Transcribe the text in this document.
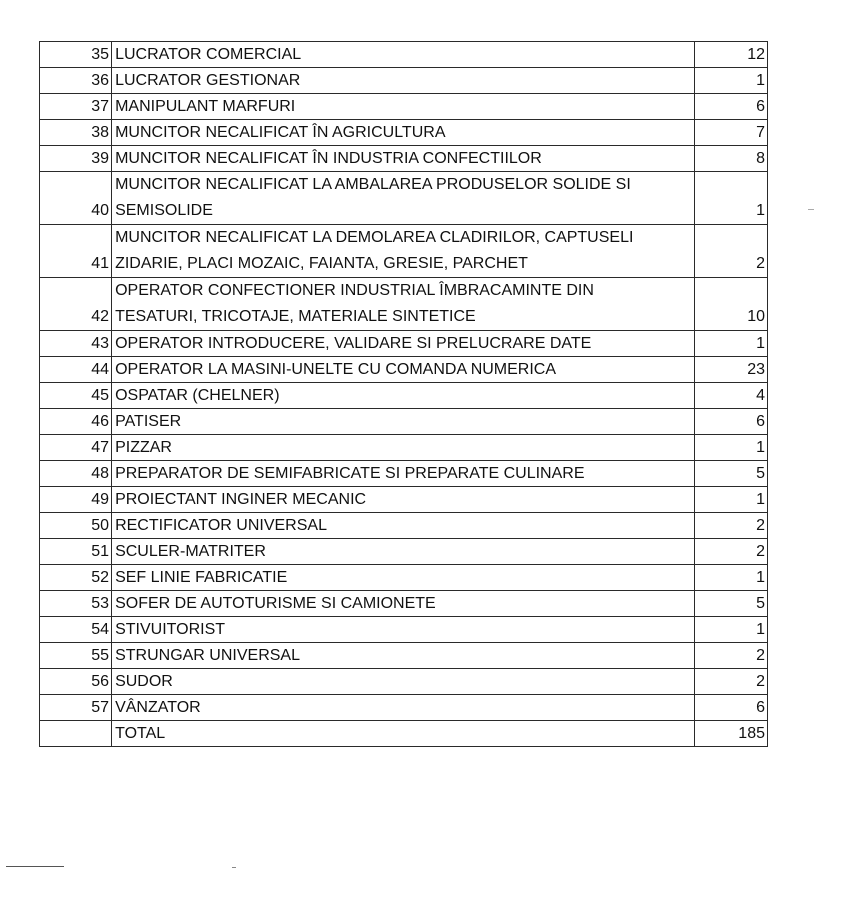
35	LUCRATOR COMERCIAL	12
36	LUCRATOR GESTIONAR	1
37	MANIPULANT MARFURI	6
38	MUNCITOR NECALIFICAT ÎN AGRICULTURA	7
39	MUNCITOR NECALIFICAT ÎN INDUSTRIA CONFECTIILOR	8
40	MUNCITOR NECALIFICAT LA AMBALAREA PRODUSELOR SOLIDE SI
SEMISOLIDE	1
41	MUNCITOR NECALIFICAT LA DEMOLAREA CLADIRILOR, CAPTUSELI
ZIDARIE, PLACI MOZAIC, FAIANTA, GRESIE, PARCHET	2
42	OPERATOR CONFECTIONER INDUSTRIAL ÎMBRACAMINTE DIN
TESATURI, TRICOTAJE, MATERIALE SINTETICE	10
43	OPERATOR INTRODUCERE, VALIDARE SI PRELUCRARE DATE	1
44	OPERATOR LA MASINI-UNELTE CU COMANDA NUMERICA	23
45	OSPATAR (CHELNER)	4
46	PATISER	6
47	PIZZAR	1
48	PREPARATOR DE SEMIFABRICATE SI PREPARATE CULINARE	5
49	PROIECTANT INGINER MECANIC	1
50	RECTIFICATOR UNIVERSAL	2
51	SCULER-MATRITER	2
52	SEF LINIE FABRICATIE	1
53	SOFER DE AUTOTURISME SI CAMIONETE	5
54	STIVUITORIST	1
55	STRUNGAR UNIVERSAL	2
56	SUDOR	2
57	VÂNZATOR	6
	TOTAL	185
